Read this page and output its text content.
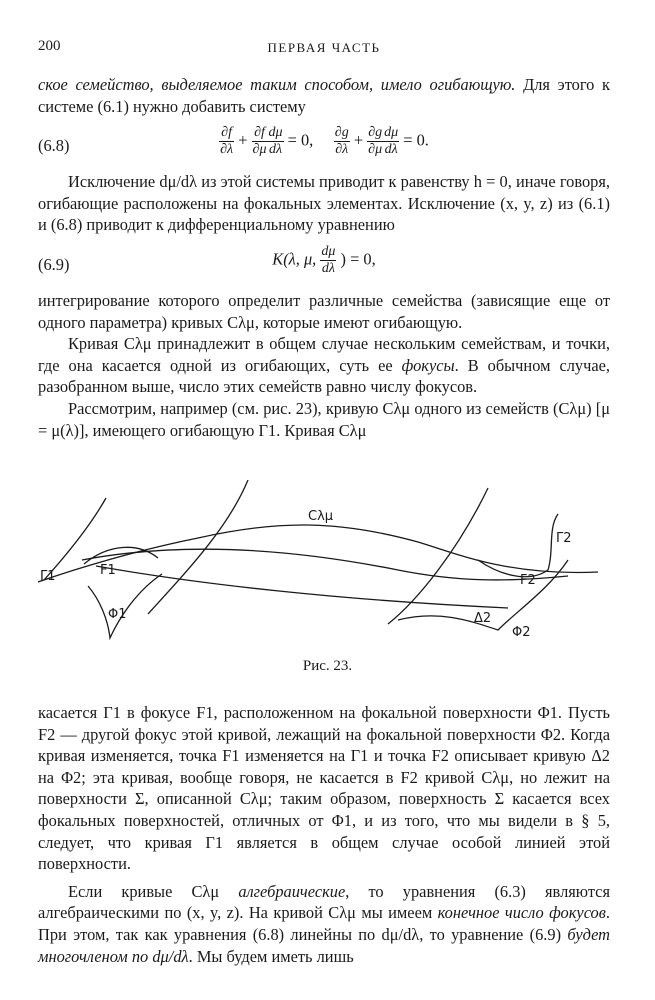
200	ПЕРВАЯ ЧАСТЬ

ское семейство, выделяемое таким способом, имело огибающую. Для этого к системе (6.1) нужно добавить систему

(6.8)	$\frac{\partial f}{\partial\lambda} + \frac{\partial f}{\partial\mu} \frac{d\mu}{d\lambda} = 0$, $\frac{\partial g}{\partial\lambda} + \frac{\partial g}{\partial\mu} \frac{d\mu}{d\lambda} = 0$.

Исключение dμ/dλ из этой системы приводит к равенству h = 0, иначе говоря, огибающие расположены на фокальных элементах. Исключение (x, y, z) из (6.1) и (6.8) приводит к дифференциальному уравнению

(6.9)	K(λ, μ, $\frac{d\mu}{d\lambda}$ ) = 0,

интегрирование которого определит различные семейства (зависящие еще от одного параметра) кривых Cλμ, которые имеют огибающую.

Кривая Cλμ принадлежит в общем случае нескольким семействам, и точки, где она касается одной из огибающих, суть ее фокусы. В обычном случае, разобранном выше, число этих семейств равно числу фокусов.

Рассмотрим, например (см. рис. 23), кривую Cλμ одного из семейств (Cλμ) [μ = μ(λ)], имеющего огибающую Γ1. Кривая Cλμ

Cλμ
Γ1	F1
Φ1
Γ2
F2
Δ2
Φ2
Рис. 23.

касается Γ1 в фокусе F1, расположенном на фокальной поверхности Φ1. Пусть F2 — другой фокус этой кривой, лежащий на фокальной поверхности Φ2. Когда кривая изменяется, точка F1 изменяется на Γ1 и точка F2 описывает кривую Δ2 на Φ2; эта кривая, вообще говоря, не касается в F2 кривой Cλμ, но лежит на поверхности Σ, описанной Cλμ; таким образом, поверхность Σ касается всех фокальных поверхностей, отличных от Φ1, и из того, что мы видели в § 5, следует, что кривая Γ1 является в общем случае особой линией этой поверхности.

Если кривые Cλμ алгебраические, то уравнения (6.3) являются алгебраическими по (x, y, z). На кривой Cλμ мы имеем конечное число фокусов. При этом, так как уравнения (6.8) линейны по dμ/dλ, то уравнение (6.9) будет многочленом по dμ/dλ. Мы будем иметь лишь
